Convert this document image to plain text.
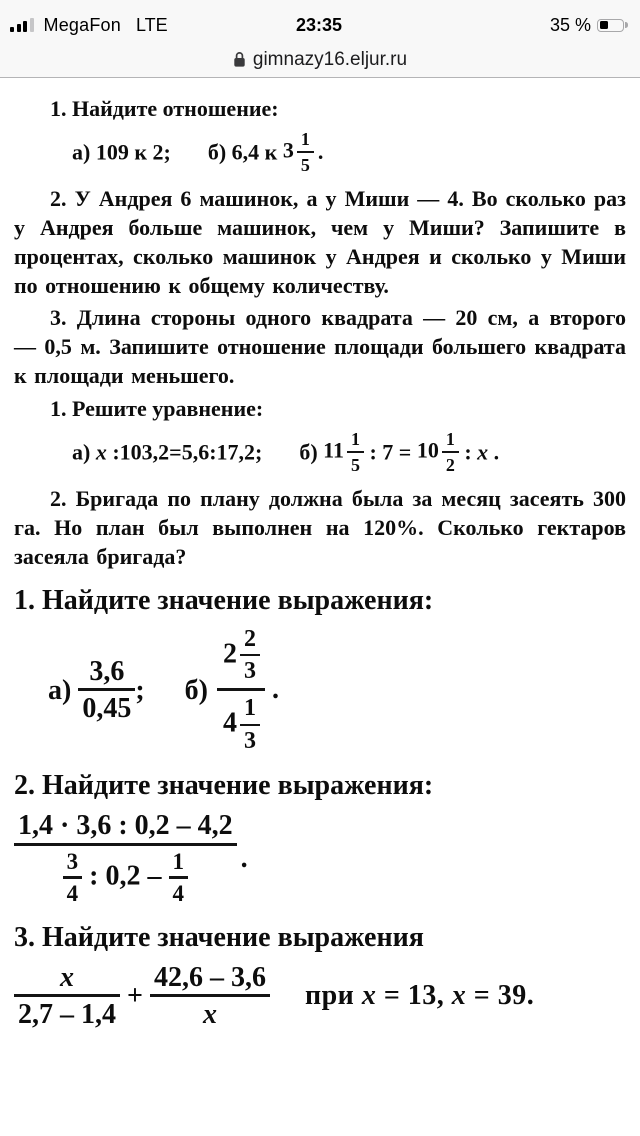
MegaFon LTE	23:35	35 %
gimnazy16.eljur.ru

1. Найдите отношение:

а) 109 к 2; б) 6,4 к $3 \frac{1}{5}$ .

2. У Андрея 6 машинок, а у Миши — 4. Во сколько раз у Андрея больше машинок, чем у Миши? Запишите в процентах, сколько машинок у Андрея и сколько у Миши по отношению к общему количеству.

3. Длина стороны одного квадрата — 20 см, а второго — 0,5 м. Запишите отношение площади большего квадрата к площади меньшего.

1. Решите уравнение:

а) x :103,2=5,6:17,2; б) $11 \frac{1}{5}$ : $7 = 10 \frac{1}{2}$ : x .

2. Бригада по плану должна была за месяц засеять 300 га. Но план был выполнен на 120%. Сколько гектаров засеяла бригада?

1. Найдите значение выражения:

$а) \frac{3,6}{0,45}$ ; $б) \frac{2 \frac{2}{3}}{4 \frac{1}{3}}$ .

2. Найдите значение выражения:

$\frac{1,4 \cdot 3,6 : 0,2 - 4,2}{\frac{3}{4} : 0,2 - \frac{1}{4}}$ .

3. Найдите значение выражения

$\frac{x}{2,7 - 1,4} + \frac{42,6 - 3,6}{x}$ при x = 13, x = 39.
